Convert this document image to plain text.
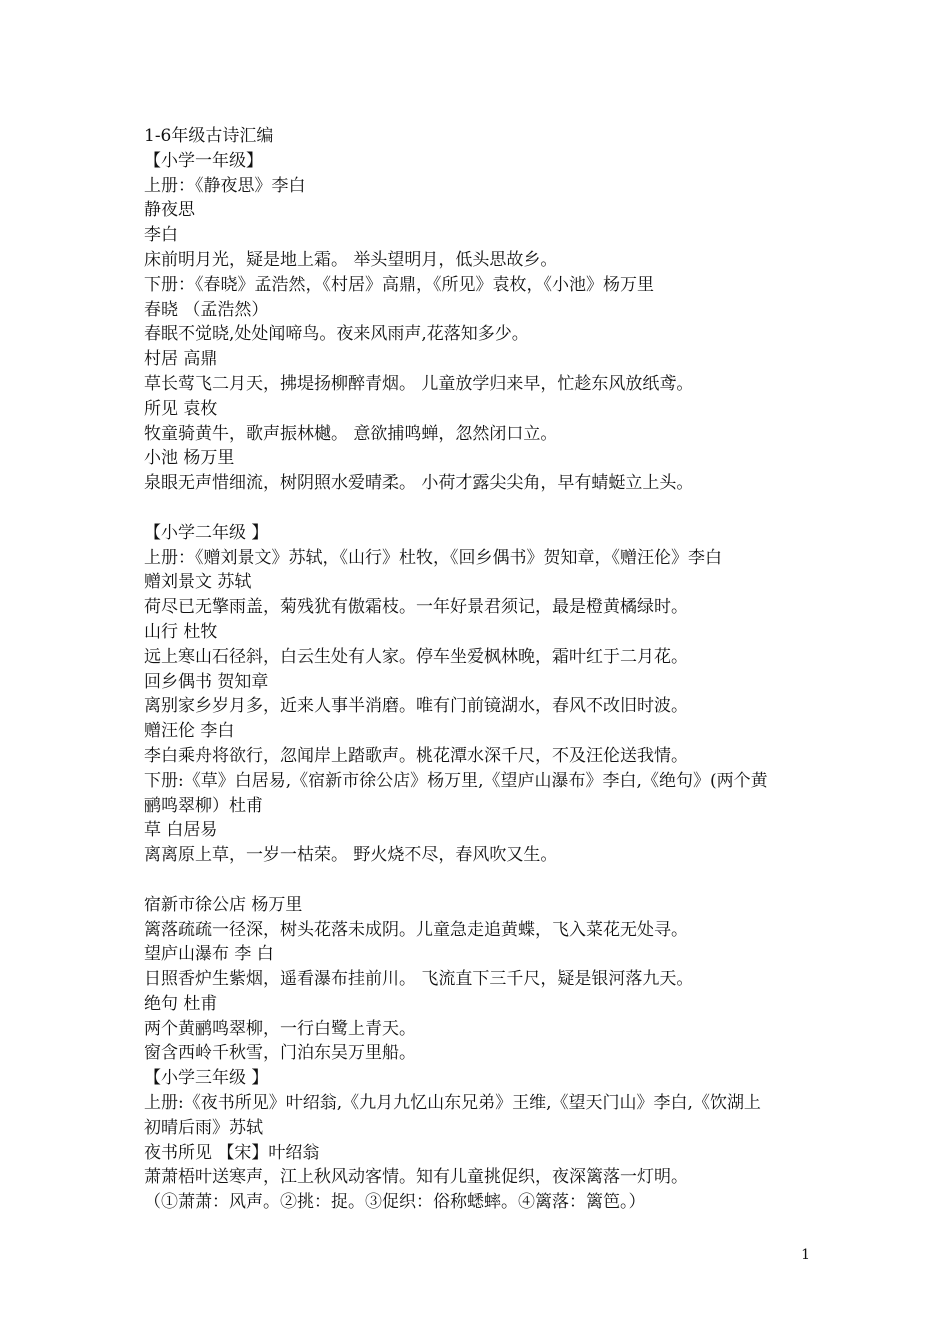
1-6年级古诗汇编
【小学一年级】
上册：《静夜思》李白
静夜思
李白
床前明月光，疑是地上霜。 举头望明月，低头思故乡。
下册：《春晓》孟浩然，《村居》高鼎，《所见》袁枚，《小池》杨万里
春晓 （孟浩然）
春眠不觉晓,处处闻啼鸟。夜来风雨声,花落知多少。
村居 高鼎
草长莺飞二月天，拂堤扬柳醉青烟。 儿童放学归来早，忙趁东风放纸鸢。
所见 袁枚
牧童骑黄牛，歌声振林樾。 意欲捕鸣蝉，忽然闭口立。
小池 杨万里
泉眼无声惜细流，树阴照水爱晴柔。 小荷才露尖尖角，早有蜻蜓立上头。
【小学二年级 】
上册：《赠刘景文》苏轼，《山行》杜牧，《回乡偶书》贺知章，《赠汪伦》李白
赠刘景文 苏轼
荷尽已无擎雨盖，菊残犹有傲霜枝。一年好景君须记，最是橙黄橘绿时。
山行 杜牧
远上寒山石径斜，白云生处有人家。停车坐爱枫林晚，霜叶红于二月花。
回乡偶书 贺知章
离别家乡岁月多，近来人事半消磨。唯有门前镜湖水，春风不改旧时波。
赠汪伦 李白
李白乘舟将欲行，忽闻岸上踏歌声。桃花潭水深千尺，不及汪伦送我情。
下册:《草》白居易,《宿新市徐公店》杨万里,《望庐山瀑布》李白,《绝句》(两个黄
鹂鸣翠柳）杜甫
草 白居易
离离原上草，一岁一枯荣。 野火烧不尽，春风吹又生。
宿新市徐公店 杨万里
篱落疏疏一径深，树头花落未成阴。儿童急走追黄蝶，飞入菜花无处寻。
望庐山瀑布 李 白
日照香炉生紫烟，遥看瀑布挂前川。 飞流直下三千尺，疑是银河落九天。
绝句 杜甫
两个黄鹂鸣翠柳，一行白鹭上青天。
窗含西岭千秋雪，门泊东吴万里船。
【小学三年级 】
上册:《夜书所见》叶绍翁,《九月九忆山东兄弟》王维,《望天门山》李白,《饮湖上
初晴后雨》苏轼
夜书所见 【宋】叶绍翁
萧萧梧叶送寒声，江上秋风动客情。知有儿童挑促织，夜深篱落一灯明。
（①萧萧：风声。②挑：捉。③促织：俗称蟋蟀。④篱落：篱笆。）
1
